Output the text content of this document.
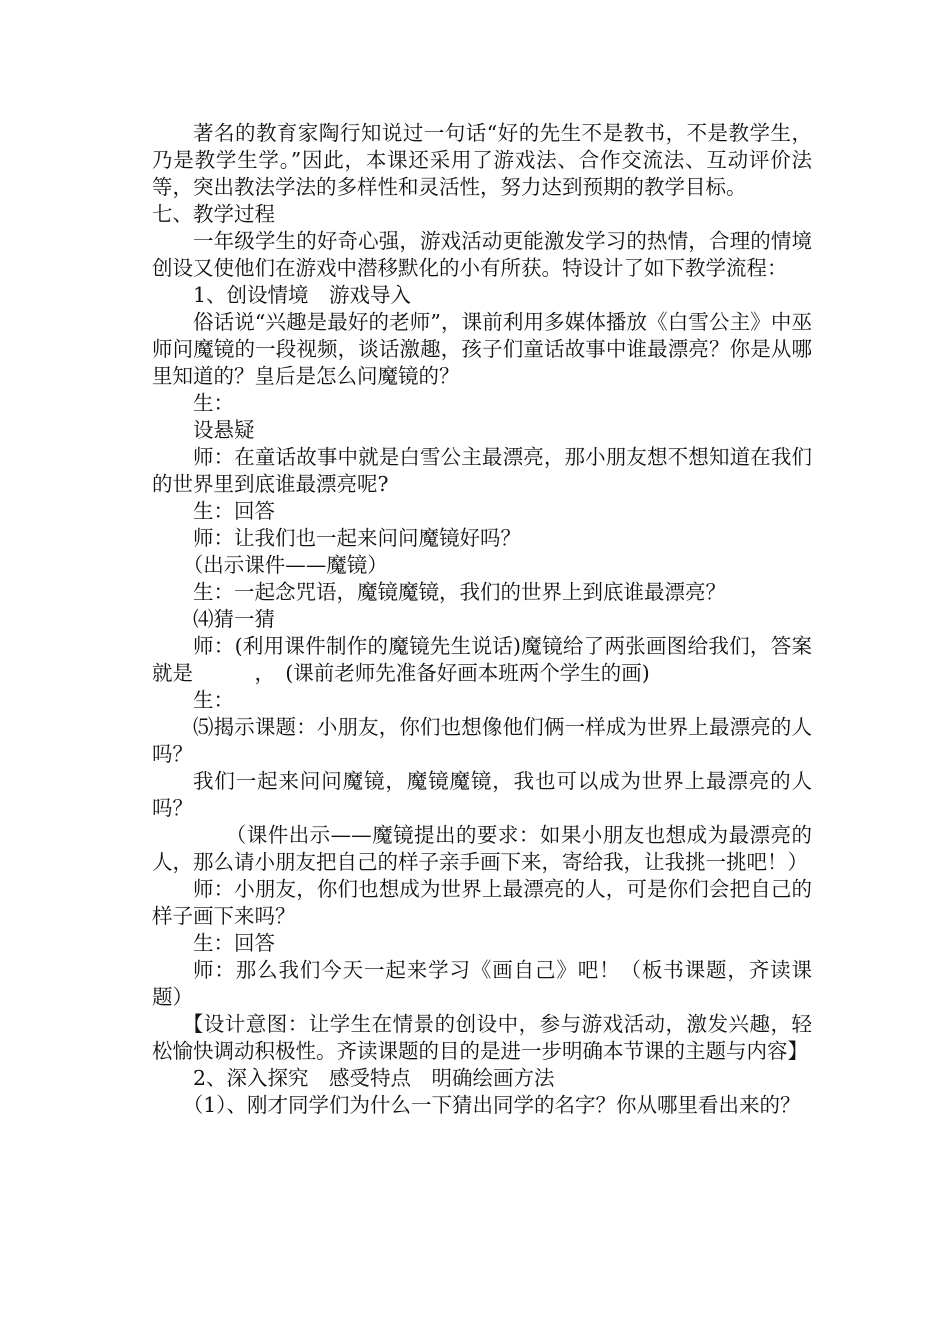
著名的教育家陶行知说过一句话“好的先生不是教书，不是教学生，乃是教学生学。”因此，本课还采用了游戏法、合作交流法、互动评价法等，突出教法学法的多样性和灵活性，努力达到预期的教学目标。

七、教学过程

一年级学生的好奇心强，游戏活动更能激发学习的热情，合理的情境创设又使他们在游戏中潜移默化的小有所获。特设计了如下教学流程：

1、创设情境　游戏导入

俗话说“兴趣是最好的老师”，课前利用多媒体播放《白雪公主》中巫师问魔镜的一段视频，谈话激趣，孩子们童话故事中谁最漂亮？你是从哪里知道的？皇后是怎么问魔镜的？

生：

设悬疑

师：在童话故事中就是白雪公主最漂亮，那小朋友想不想知道在我们的世界里到底谁最漂亮呢?

生：回答

师：让我们也一起来问问魔镜好吗？

（出示课件——魔镜）

生：一起念咒语，魔镜魔镜，我们的世界上到底谁最漂亮？

⑷猜一猜

师：(利用课件制作的魔镜先生说话)魔镜给了两张画图给我们，答案就是　　　，　(课前老师先准备好画本班两个学生的画)

生：

⑸揭示课题：小朋友，你们也想像他们俩一样成为世界上最漂亮的人吗？

我们一起来问问魔镜，魔镜魔镜，我也可以成为世界上最漂亮的人吗？

（课件出示——魔镜提出的要求：如果小朋友也想成为最漂亮的人，那么请小朋友把自己的样子亲手画下来，寄给我，让我挑一挑吧！）

师：小朋友，你们也想成为世界上最漂亮的人，可是你们会把自己的样子画下来吗？

生：回答

师：那么我们今天一起来学习《画自己》吧！（板书课题，齐读课题）

【设计意图：让学生在情景的创设中，参与游戏活动，激发兴趣，轻松愉快调动积极性。齐读课题的目的是进一步明确本节课的主题与内容】

2、深入探究　感受特点　明确绘画方法

（1）、刚才同学们为什么一下猜出同学的名字？你从哪里看出来的？
